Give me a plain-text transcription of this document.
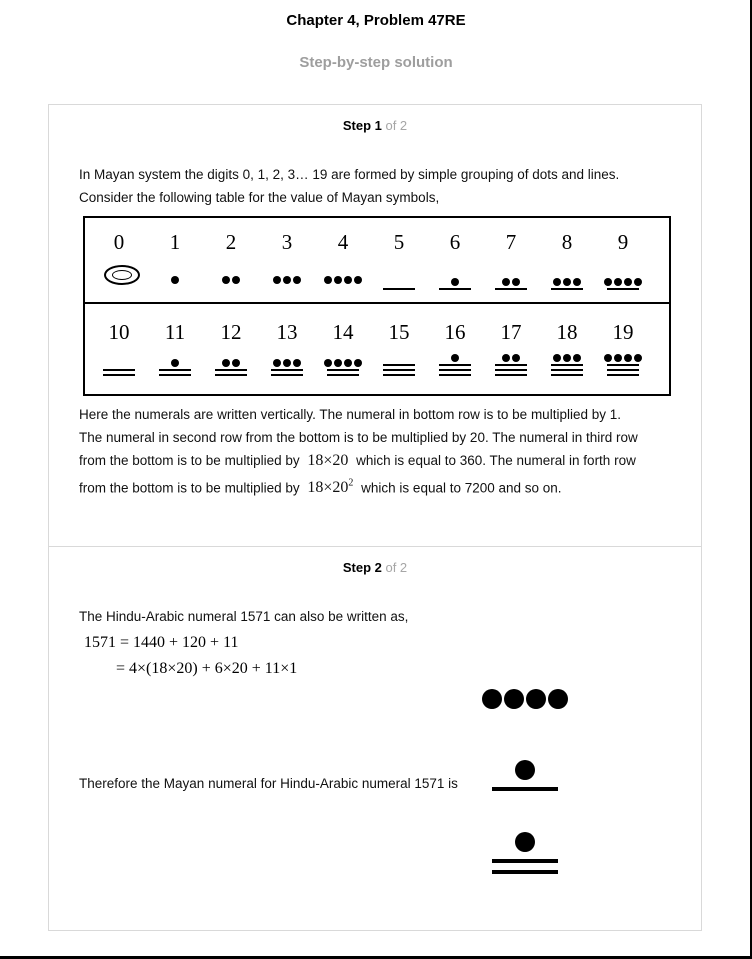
Chapter 4, Problem 47RE
Step-by-step solution
Step 1 of 2
In Mayan system the digits 0, 1, 2, 3… 19 are formed by simple grouping of dots and lines.
Consider the following table for the value of Mayan symbols,
0	1	2	3	4	5	6	7	8	9
10	11	12	13	14	15	16	17	18	19
Here the numerals are written vertically. The numeral in bottom row is to be multiplied by 1.
The numeral in second row from the bottom is to be multiplied by 20. The numeral in third row
from the bottom is to be multiplied by 18×20 which is equal to 360. The numeral in forth row
from the bottom is to be multiplied by $18\times 20^2$ which is equal to 7200 and so on.
Step 2 of 2
The Hindu-Arabic numeral 1571 can also be written as,
1571 = 1440 + 120 + 11
= 4×(18×20) + 6×20 + 11×1
Therefore the Mayan numeral for Hindu-Arabic numeral 1571 is
